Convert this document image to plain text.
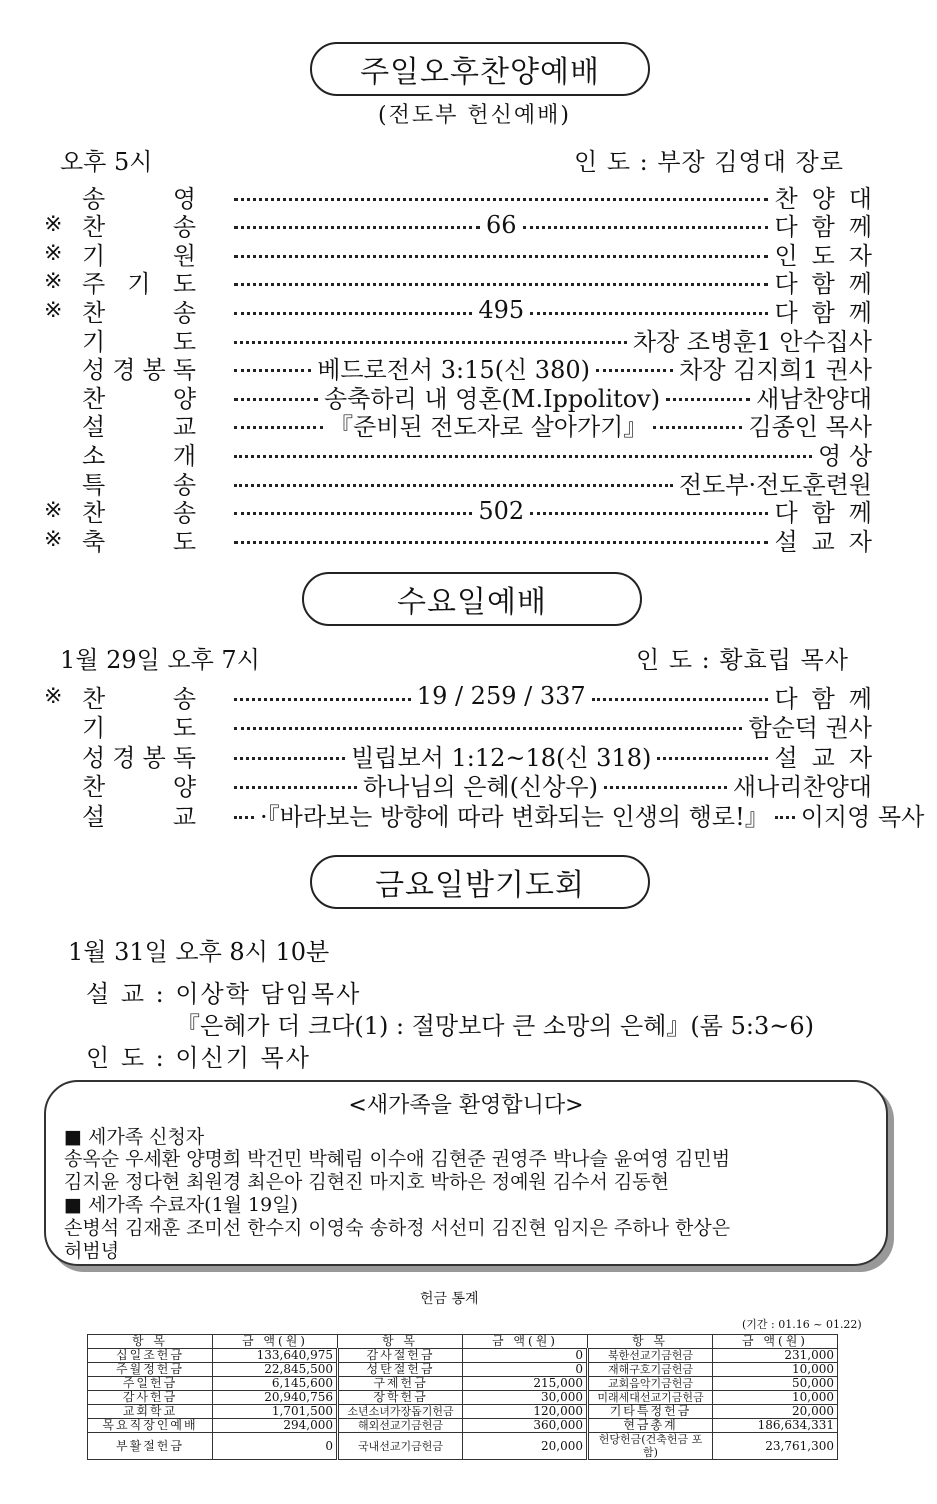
주일오후찬양예배
(전도부 헌신예배)
오후 5시	인 도 : 부장 김영대 장로
송	영	찬양대
※ 찬	송	66	다함께
※ 기	원	인도자
※ 주 기 도	다함께
※ 찬	송	495	다함께
기	도	차장 조병훈1 안수집사
성 경 봉 독	베드로전서 3:15(신 380)	차장 김지희1 권사
찬	양	송축하리 내 영혼(M.Ippolitov)	새남찬양대
설	교	『준비된 전도자로 살아가기』	김종인 목사
소	개	영 상
특	송	전도부·전도훈련원
※ 찬	송	502	다함께
※ 축	도	설교자
수요일예배
1월 29일 오후 7시	인 도 : 황효립 목사
※ 찬	송	19 / 259 / 337	다함께
기	도	함순덕 권사
성 경 봉 독	빌립보서 1:12~18(신 318)	설교자
찬	양	하나님의 은혜(신상우)	새나리찬양대
설	교	·『바라보는 방향에 따라 변화되는 인생의 행로!』 이지영 목사
금요일밤기도회
1월 31일 오후 8시 10분
설 교 : 이상학 담임목사
『은혜가 더 크다(1) : 절망보다 큰 소망의 은혜』(롬 5:3~6)
인 도 : 이신기 목사
<새가족을 환영합니다>
■ 세가족 신청자
송옥순 우세환 양명희 박건민 박혜림 이수애 김현준 권영주 박나슬 윤여영 김민범
김지윤 정다현 최원경 최은아 김현진 마지호 박하은 정예원 김수서 김동현
■ 세가족 수료자(1월 19일)
손병석 김재훈 조미선 한수지 이영숙 송하정 서선미 김진현 임지은 주하나 한상은
허범녕
헌금 통계
(기간 : 01.16 ~ 01.22)
항 목	금 액(원)	항 목	금 액(원)	항 목	금 액(원)
십일조헌금	133,640,975	감사절헌금	0	북한선교기금헌금	231,000
주월정헌금	22,845,500	성탄절헌금	0	재해구호기금헌금	10,000
주일헌금	6,145,600	구제헌금	215,000	교회음악기금헌금	50,000
감사헌금	20,940,756	장학헌금	30,000	미래세대선교기금헌금	10,000
교회학교	1,701,500	소년소녀가장돕기헌금	120,000	기타특정헌금	20,000
목요직장인예배	294,000	해외선교기금헌금	360,000	현금총계	186,634,331
부활절헌금	0	국내선교기금헌금	20,000	헌당헌금(건축헌금 포함)	23,761,300
